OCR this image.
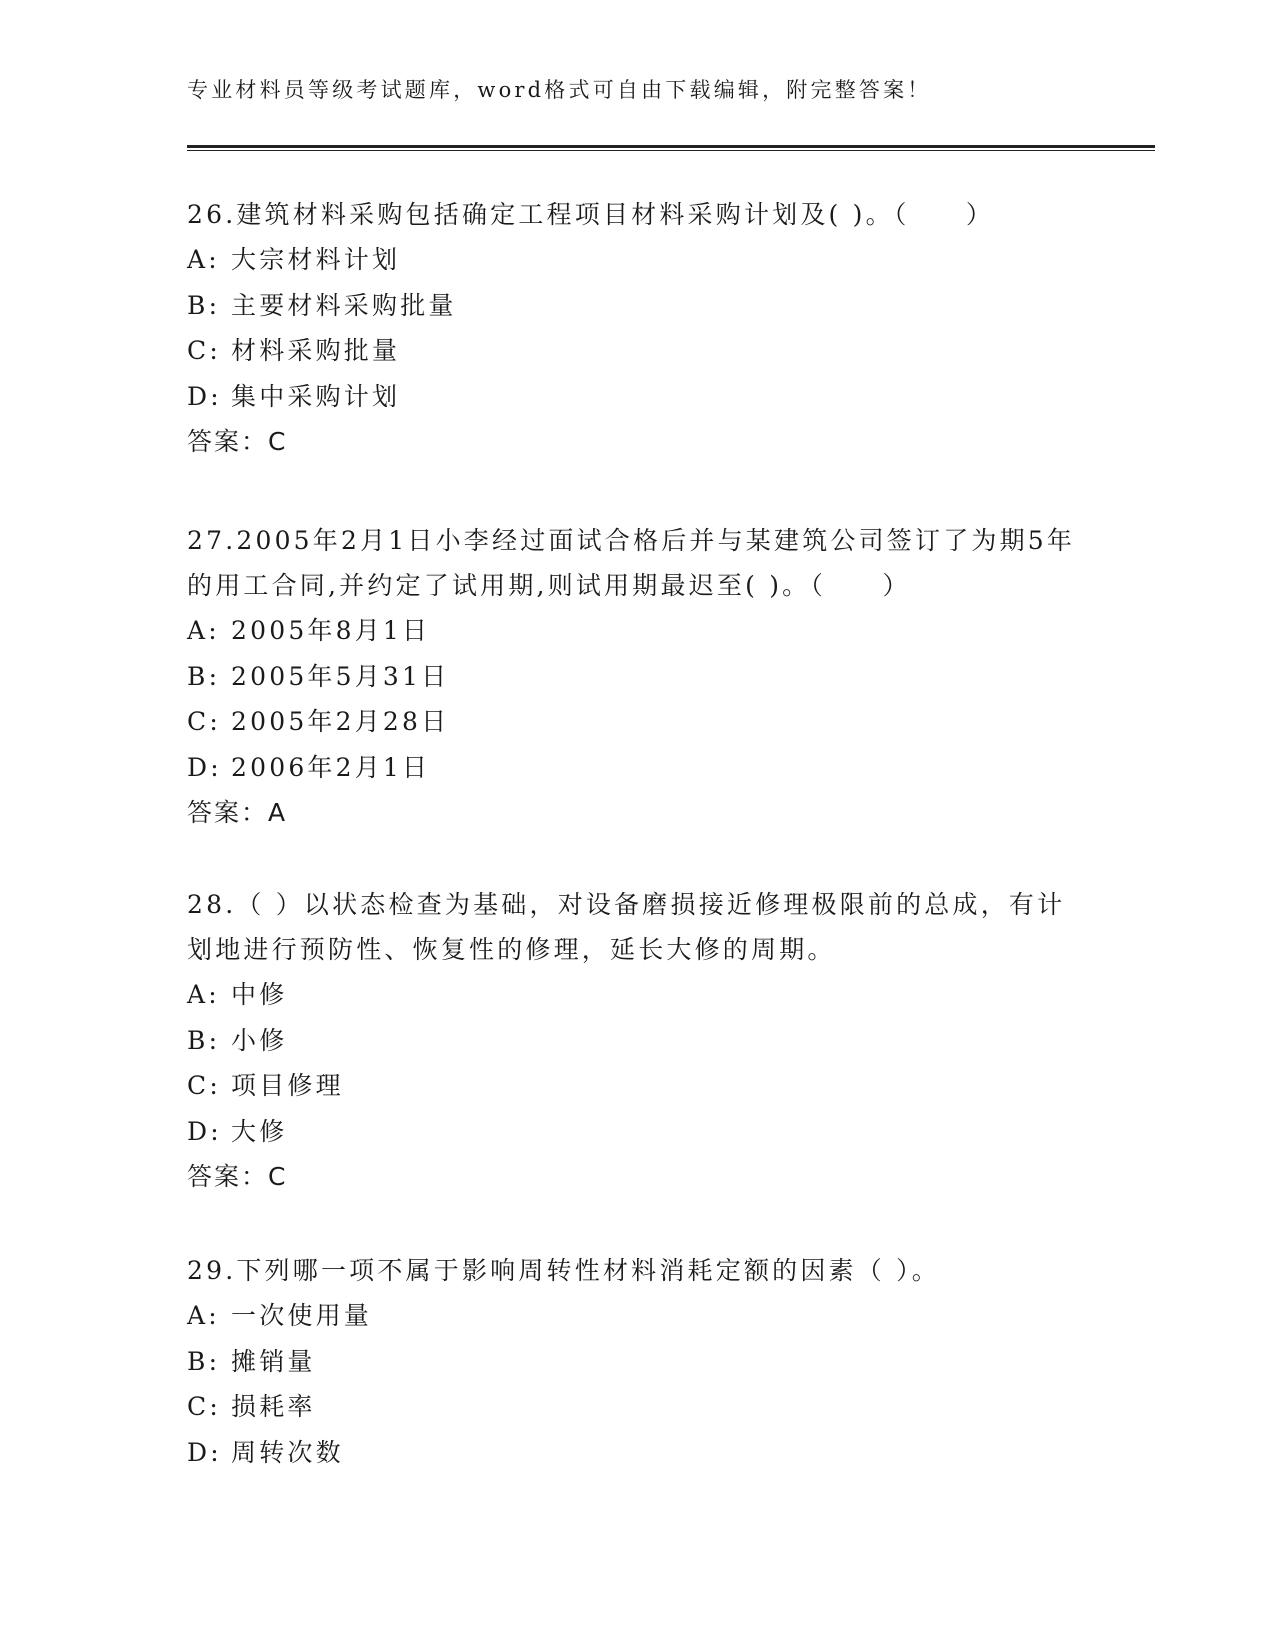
专业材料员等级考试题库，word格式可自由下载编辑，附完整答案！

26.建筑材料采购包括确定工程项目材料采购计划及( )。（　　）

A: 大宗材料计划

B: 主要材料采购批量

C: 材料采购批量

D: 集中采购计划

答案：C

27.2005年2月1日小李经过面试合格后并与某建筑公司签订了为期5年的用工合同,并约定了试用期,则试用期最迟至( )。（　　）

A: 2005年8月1日

B: 2005年5月31日

C: 2005年2月28日

D: 2006年2月1日

答案：A

28.（ ）以状态检查为基础，对设备磨损接近修理极限前的总成，有计划地进行预防性、恢复性的修理，延长大修的周期。

A: 中修

B: 小修

C: 项目修理

D: 大修

答案：C

29.下列哪一项不属于影响周转性材料消耗定额的因素（ ）。

A: 一次使用量

B: 摊销量

C: 损耗率

D: 周转次数
